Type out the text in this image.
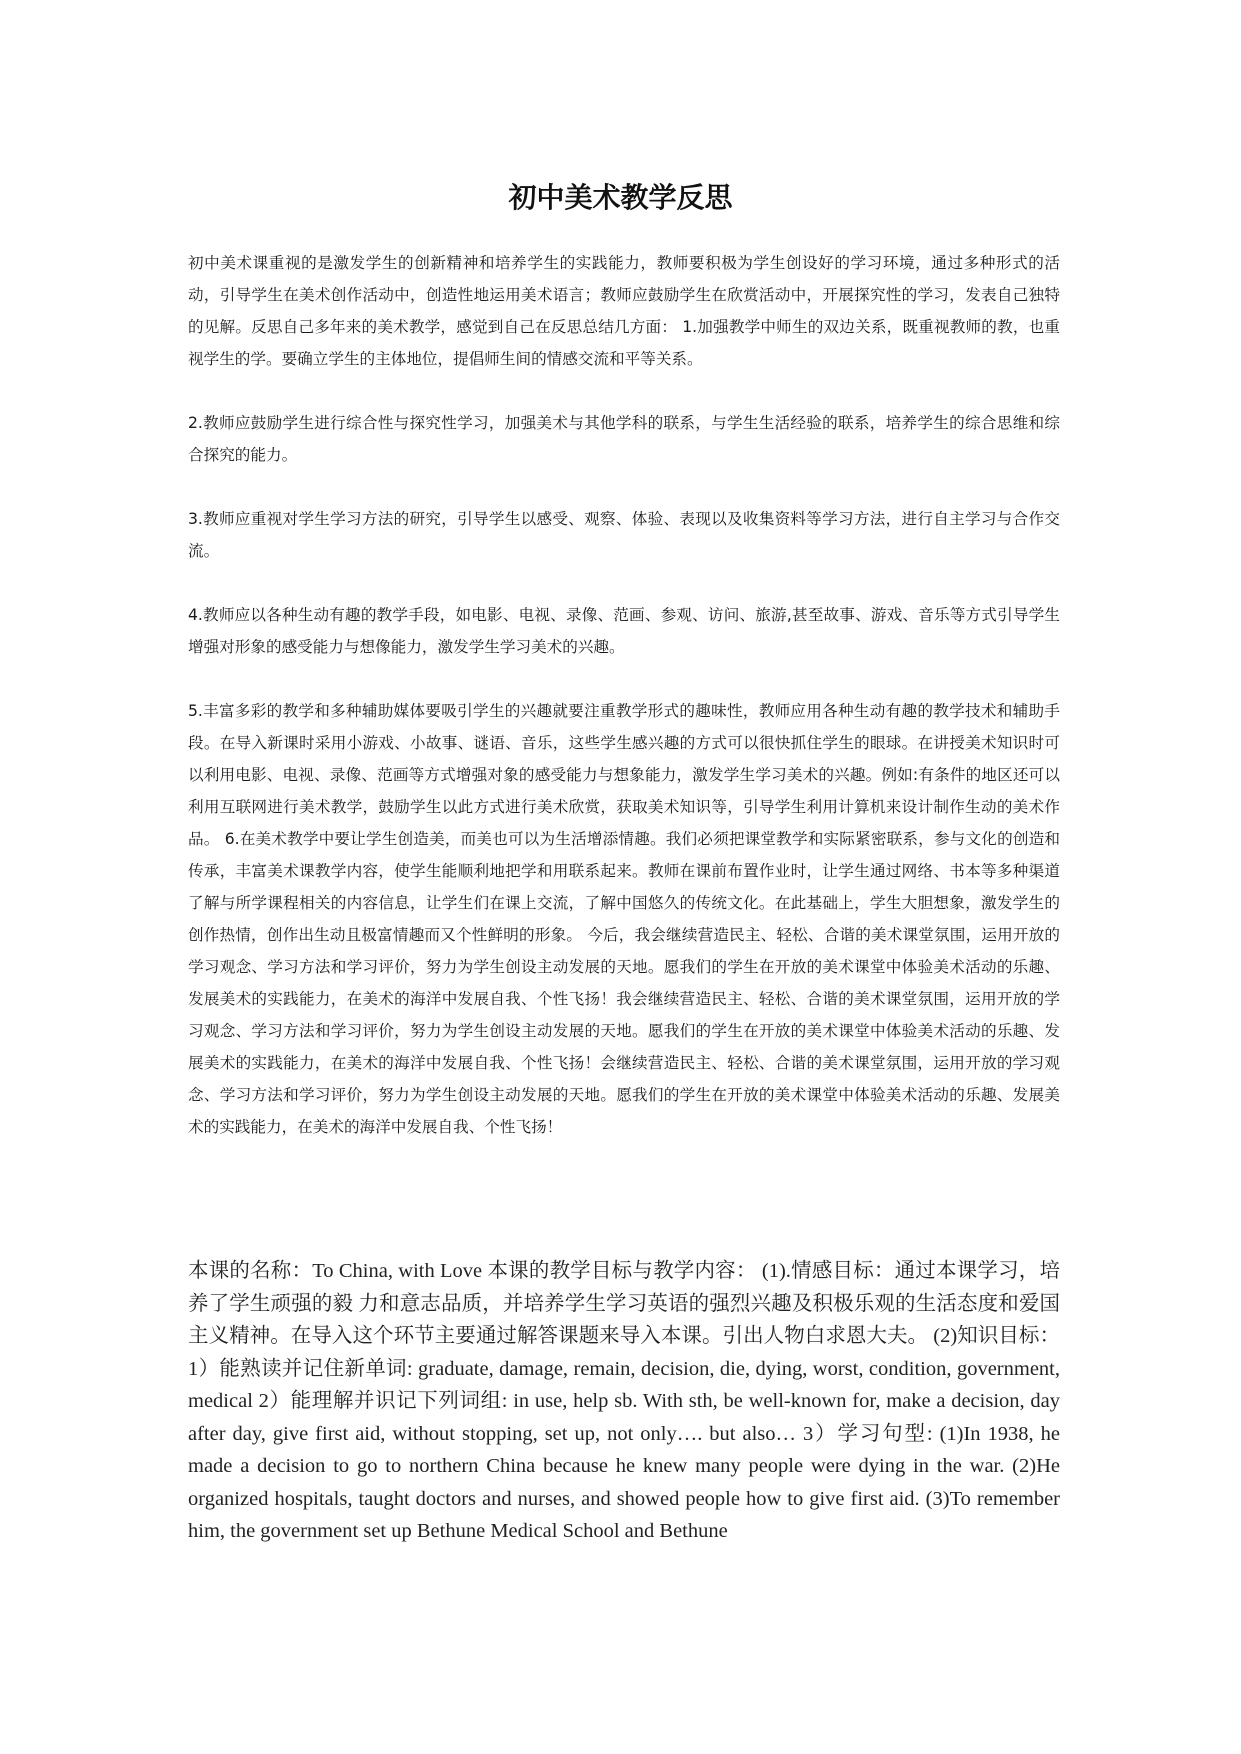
初中美术教学反思

初中美术课重视的是激发学生的创新精神和培养学生的实践能力，教师要积极为学生创设好的学习环境，通过多种形式的活动，引导学生在美术创作活动中，创造性地运用美术语言；教师应鼓励学生在欣赏活动中，开展探究性的学习，发表自己独特的见解。反思自己多年来的美术教学，感觉到自己在反思总结几方面： 1.加强教学中师生的双边关系，既重视教师的教，也重视学生的学。要确立学生的主体地位，提倡师生间的情感交流和平等关系。

2.教师应鼓励学生进行综合性与探究性学习，加强美术与其他学科的联系，与学生生活经验的联系，培养学生的综合思维和综合探究的能力。

3.教师应重视对学生学习方法的研究，引导学生以感受、观察、体验、表现以及收集资料等学习方法，进行自主学习与合作交流。

4.教师应以各种生动有趣的教学手段，如电影、电视、录像、范画、参观、访问、旅游,甚至故事、游戏、音乐等方式引导学生增强对形象的感受能力与想像能力，激发学生学习美术的兴趣。

5.丰富多彩的教学和多种辅助媒体要吸引学生的兴趣就要注重教学形式的趣味性，教师应用各种生动有趣的教学技术和辅助手段。在导入新课时采用小游戏、小故事、谜语、音乐，这些学生感兴趣的方式可以很快抓住学生的眼球。在讲授美术知识时可以利用电影、电视、录像、范画等方式增强对象的感受能力与想象能力，激发学生学习美术的兴趣。例如:有条件的地区还可以利用互联网进行美术教学，鼓励学生以此方式进行美术欣赏，获取美术知识等，引导学生利用计算机来设计制作生动的美术作品。 6.在美术教学中要让学生创造美，而美也可以为生活增添情趣。我们必须把课堂教学和实际紧密联系，参与文化的创造和传承，丰富美术课教学内容，使学生能顺利地把学和用联系起来。教师在课前布置作业时，让学生通过网络、书本等多种渠道了解与所学课程相关的内容信息，让学生们在课上交流，了解中国悠久的传统文化。在此基础上，学生大胆想象，激发学生的创作热情，创作出生动且极富情趣而又个性鲜明的形象。 今后，我会继续营造民主、轻松、合谐的美术课堂氛围，运用开放的学习观念、学习方法和学习评价，努力为学生创设主动发展的天地。愿我们的学生在开放的美术课堂中体验美术活动的乐趣、发展美术的实践能力，在美术的海洋中发展自我、个性飞扬！我会继续营造民主、轻松、合谐的美术课堂氛围，运用开放的学习观念、学习方法和学习评价，努力为学生创设主动发展的天地。愿我们的学生在开放的美术课堂中体验美术活动的乐趣、发展美术的实践能力，在美术的海洋中发展自我、个性飞扬！会继续营造民主、轻松、合谐的美术课堂氛围，运用开放的学习观念、学习方法和学习评价，努力为学生创设主动发展的天地。愿我们的学生在开放的美术课堂中体验美术活动的乐趣、发展美术的实践能力，在美术的海洋中发展自我、个性飞扬！

本课的名称：To China, with Love 本课的教学目标与教学内容： (1).情感目标：通过本课学习，培养了学生顽强的毅 力和意志品质，并培养学生学习英语的强烈兴趣及积极乐观的生活态度和爱国主义精神。在导入这个环节主要通过解答课题来导入本课。引出人物白求恩大夫。 (2)知识目标： 1）能熟读并记住新单词: graduate, damage, remain, decision, die, dying, worst, condition, government, medical 2）能理解并识记下列词组: in use, help sb. With sth, be well-known for, make a decision, day after day, give first aid, without stopping, set up, not only…. but also… 3）学习句型: (1)In 1938, he made a decision to go to northern China because he knew many people were dying in the war. (2)He organized hospitals, taught doctors and nurses, and showed people how to give first aid. (3)To remember him, the government set up Bethune Medical School and Bethune
